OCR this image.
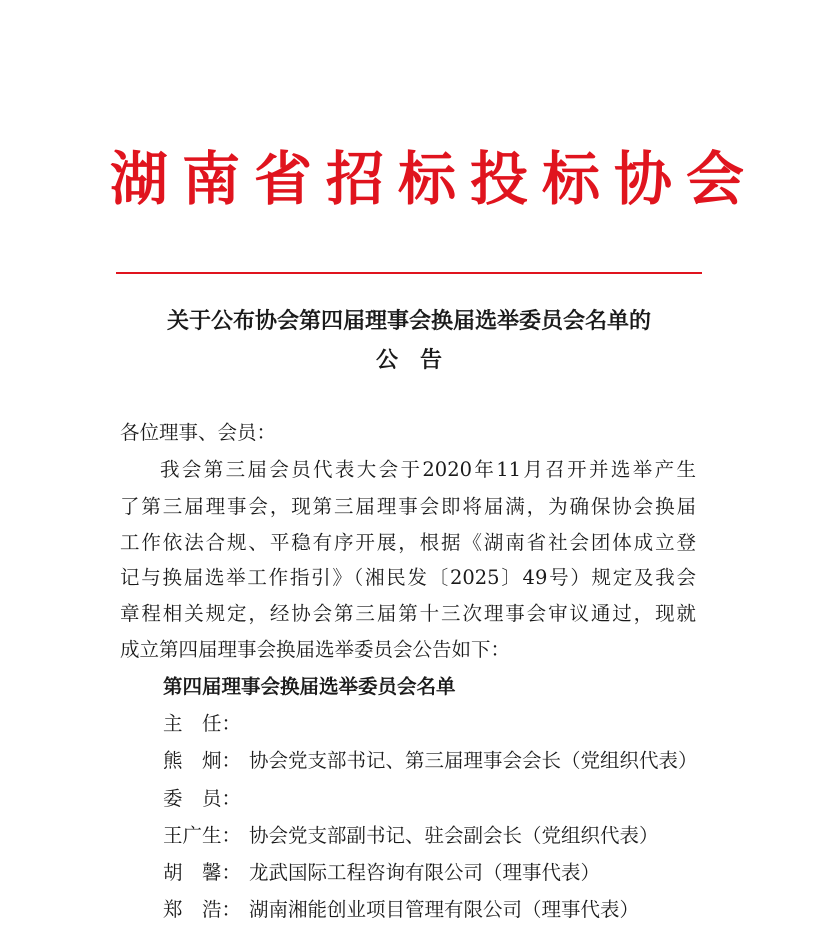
湖南省招标投标协会
关于公布协会第四届理事会换届选举委员会名单的
公告
各位理事、会员：
我会第三届会员代表大会于2020年11月召开并选举产生
了第三届理事会，现第三届理事会即将届满，为确保协会换届
工作依法合规、平稳有序开展，根据《湖南省社会团体成立登
记与换届选举工作指引》（湘民发〔2025〕49号）规定及我会
章程相关规定，经协会第三届第十三次理事会审议通过，现就
成立第四届理事会换届选举委员会公告如下：
第四届理事会换届选举委员会名单
主　任：
熊　炯： 协会党支部书记、第三届理事会会长（党组织代表）
委　员：
王广生： 协会党支部副书记、驻会副会长（党组织代表）
胡　馨： 龙武国际工程咨询有限公司（理事代表）
郑　浩： 湖南湘能创业项目管理有限公司（理事代表）
